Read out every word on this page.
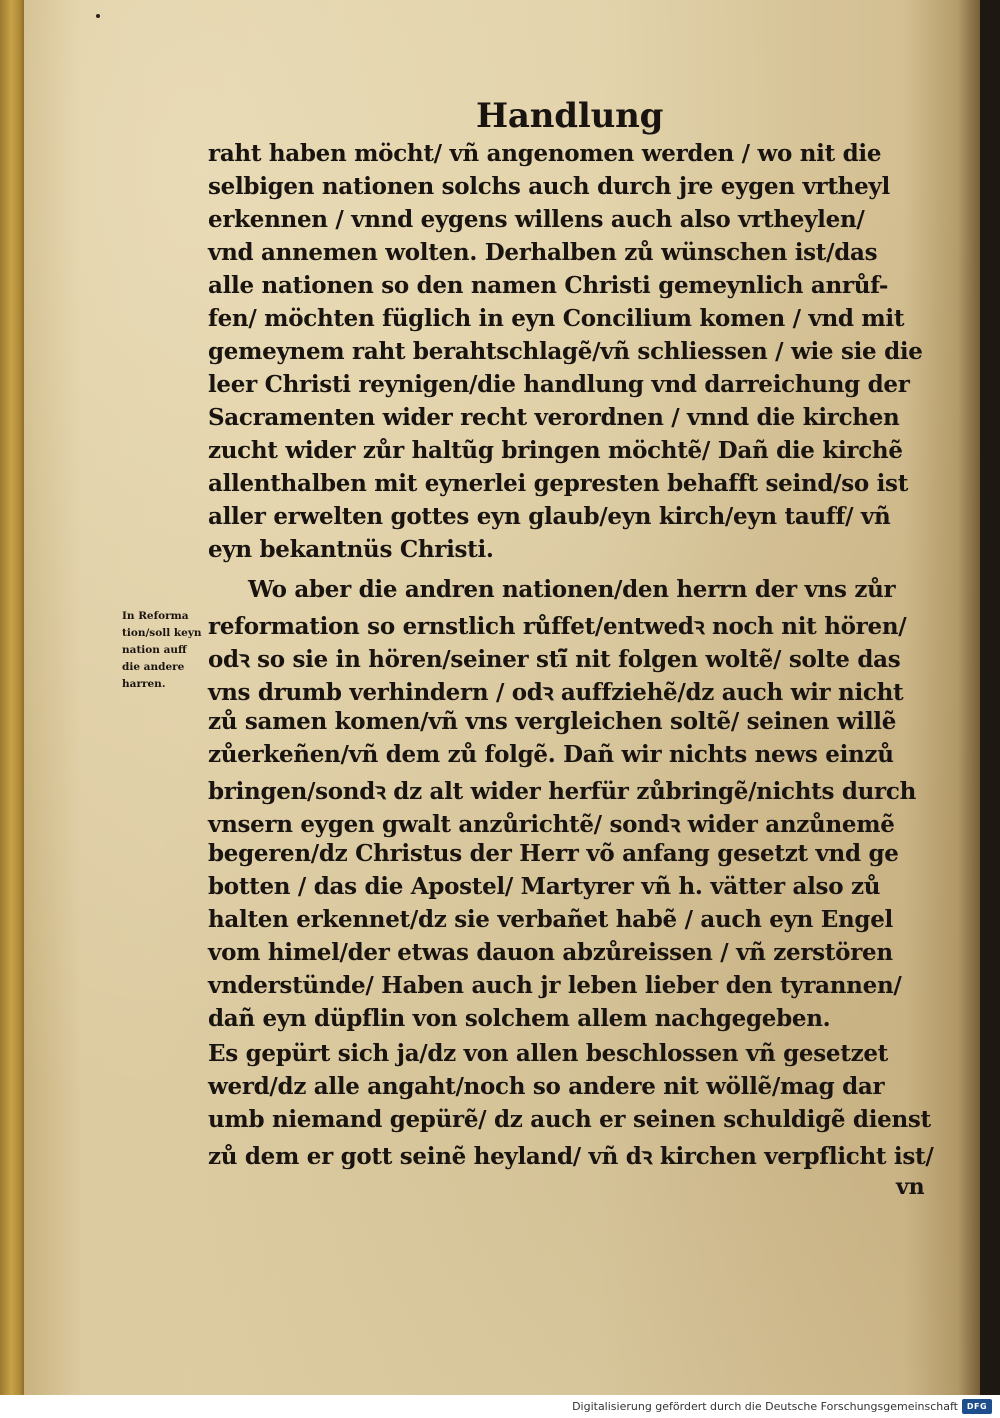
Handlung
In Reforma
tion/soll keyn
nation auff
die andere
harren.
raht haben möcht/ vñ angenomen werden / wo nit die
selbigen nationen solchs auch durch jre eygen vrtheyl
erkennen / vnnd eygens willens auch also vrtheylen/
vnd annemen wolten. Derhalben zů wünschen ist/das
alle nationen so den namen Christi gemeynlich anrůf-
fen/ möchten füglich in eyn Concilium komen / vnd mit
gemeynem raht berahtschlagẽ/vñ schliessen / wie sie die
leer Christi reynigen/die handlung vnd darreichung der
Sacramenten wider recht verordnen / vnnd die kirchen
zucht wider zůr haltũg bringen möchtẽ/ Dañ die kirchẽ
allenthalben mit eynerlei gepresten behafft seind/so ist
aller erwelten gottes eyn glaub/eyn kirch/eyn tauff/ vñ
eyn bekantnüs Christi.
Wo aber die andren nationen/den herrn der vns zůr
reformation so ernstlich růffet/entwedꝛ noch nit hören/
odꝛ so sie in hören/seiner stĩ̃ nit folgen woltẽ/ solte das
vns drumb verhindern / odꝛ auffziehẽ/dz auch wir nicht
zů samen komen/vñ vns vergleichen soltẽ/ seinen willẽ
zůerkeñen/vñ dem zů folgẽ. Dañ wir nichts news einzů
bringen/sondꝛ dz alt wider herfür zůbringẽ/nichts durch
vnsern eygen gwalt anzůrichtẽ/ sondꝛ wider anzůnemẽ
begeren/dz Christus der Herr võ anfang gesetzt vnd ge
botten / das die Apostel/ Martyrer vñ h. vätter also zů
halten erkennet/dz sie verbañet habẽ / auch eyn Engel
vom himel/der etwas dauon abzůreissen / vñ zerstören
vnderstünde/ Haben auch jr leben lieber den tyrannen/
dañ eyn düpflin von solchem allem nachgegeben.
Es gepürt sich ja/dz von allen beschlossen vñ gesetzet
werd/dz alle angaht/noch so andere nit wöllẽ/mag dar
umb niemand gepürẽ/ dz auch er seinen schuldigẽ dienst
zů dem er gott seinẽ heyland/ vñ dꝛ kirchen verpflicht ist/
vn
Digitalisierung gefördert durch die Deutsche Forschungsgemeinschaft	DFG
